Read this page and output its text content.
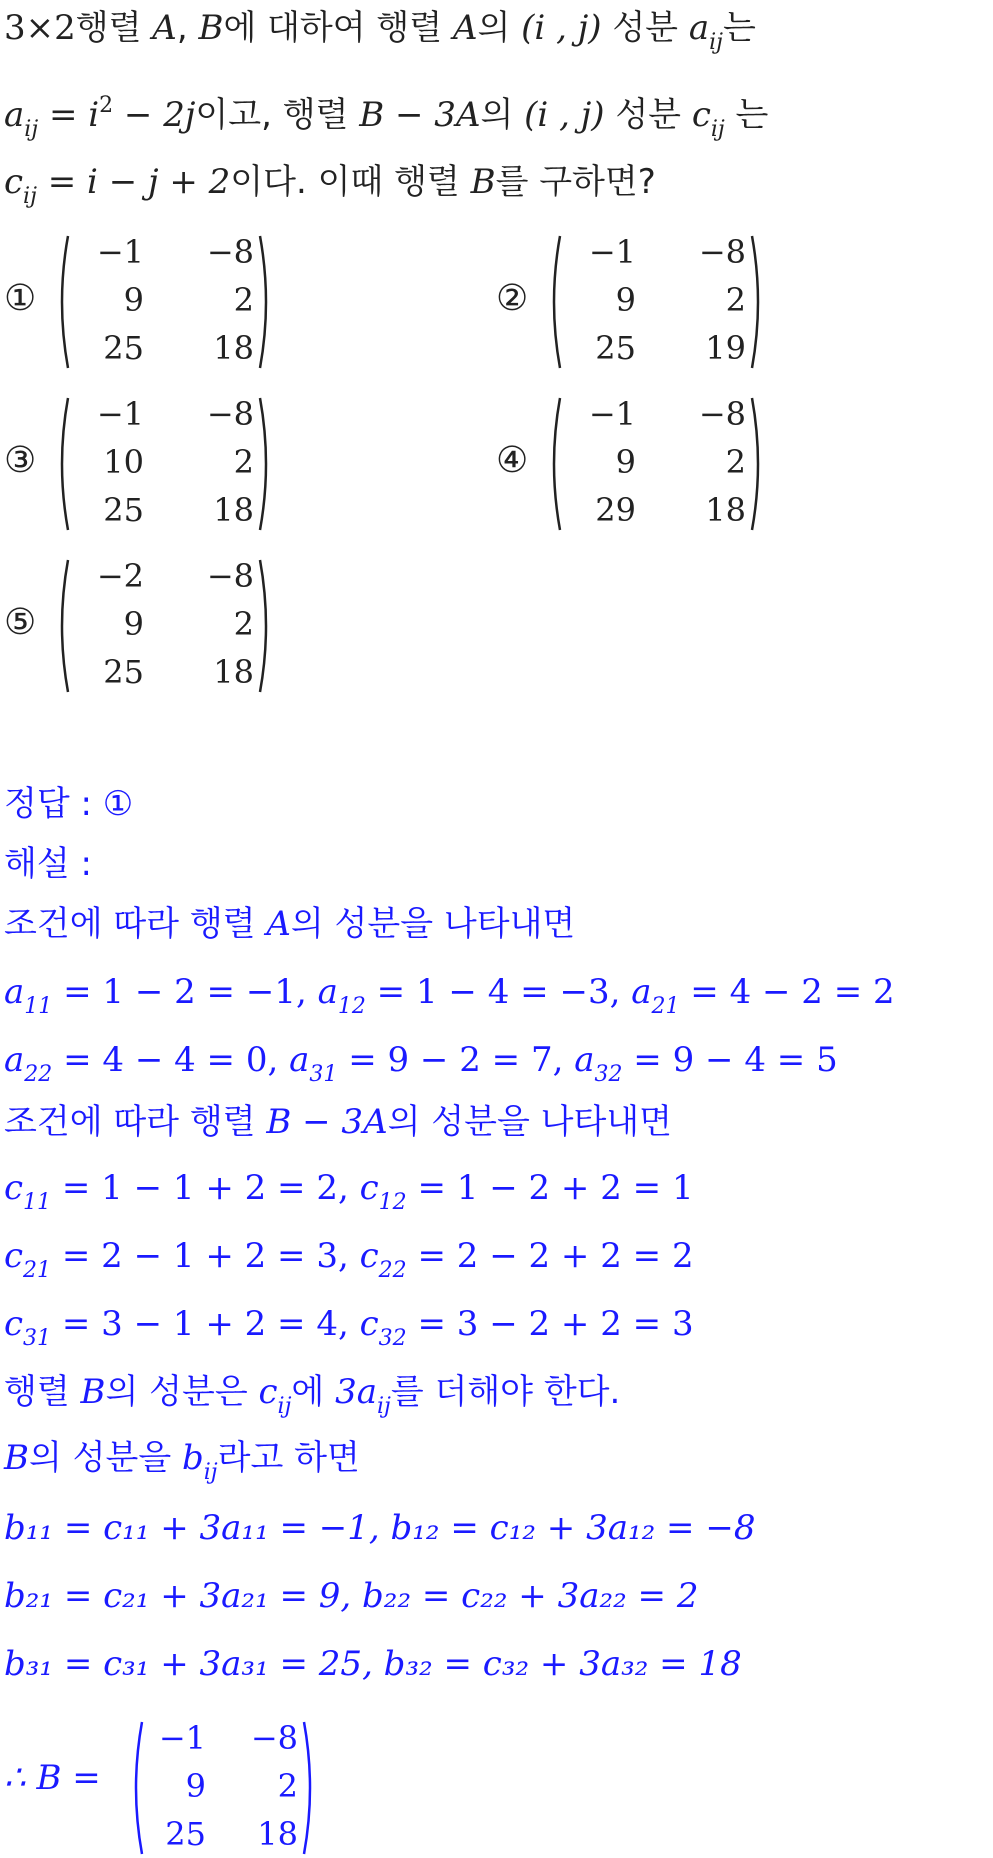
3×2행렬 A, B에 대하여 행렬 A의 (i , j) 성분 $a_{ij}$는
$a_{ij} = i^2 - 2j$이고, 행렬 B − 3A의 (i , j) 성분 $c_{ij}$ 는
$c_{ij} = i - j + 2$이다. 이때 행렬 B를 구하면?
①
−1	−8
9	2
25	18
②
−1	−8
9	2
25	19
③
−1	−8
10	2
25	18
④
−1	−8
9	2
29	18
⑤
−2	−8
9	2
25	18
정답 : ①
해설 :
조건에 따라 행렬 A의 성분을 나타내면
$a_{11} = 1 - 2 = -1$, $a_{12} = 1 - 4 = -3$, $a_{21} = 4 - 2 = 2$
$a_{22} = 4 - 4 = 0$, $a_{31} = 9 - 2 = 7$, $a_{32} = 9 - 4 = 5$
조건에 따라 행렬 B − 3A의 성분을 나타내면
$c_{11} = 1 - 1 + 2 = 2$, $c_{12} = 1 - 2 + 2 = 1$
$c_{21} = 2 - 1 + 2 = 3$, $c_{22} = 2 - 2 + 2 = 2$
$c_{31} = 3 - 1 + 2 = 4$, $c_{32} = 3 - 2 + 2 = 3$
행렬 B의 성분은 $c_{ij}$에 $3a_{ij}$를 더해야 한다.
B의 성분을 $b_{ij}$라고 하면
b₁₁ = c₁₁ + 3a₁₁ = −1, b₁₂ = c₁₂ + 3a₁₂ = −8
b₂₁ = c₂₁ + 3a₂₁ = 9, b₂₂ = c₂₂ + 3a₂₂ = 2
b₃₁ = c₃₁ + 3a₃₁ = 25, b₃₂ = c₃₂ + 3a₃₂ = 18
∴ B =
−1	−8
9	2
25	18
